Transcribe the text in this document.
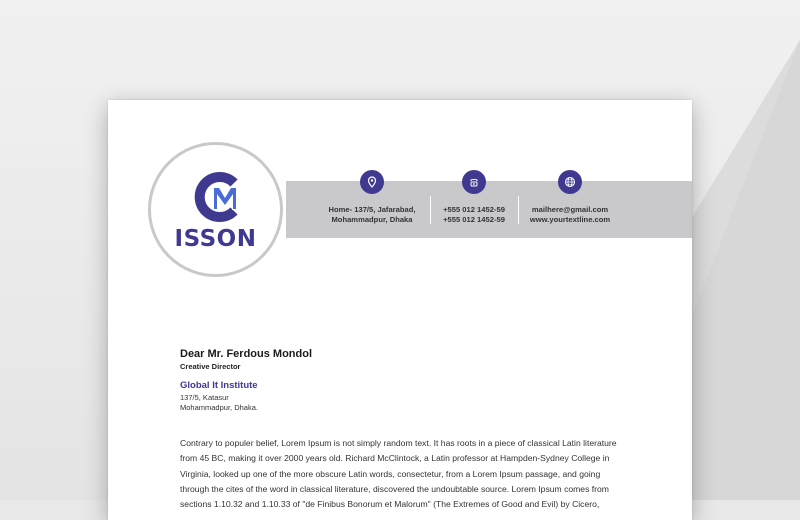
ISSON
Home- 137/5, Jafarabad,
Mohammadpur, Dhaka
+555 012 1452-59
+555 012 1452-59
mailhere@gmail.com
www.yourtextline.com
Dear Mr. Ferdous Mondol
Creative Director
Global It Institute
137/5, Katasur
Mohammadpur, Dhaka.
Contrary to populer belief, Lorem Ipsum is not simply random text. It has roots in a piece of classical Latin literature
from 45 BC, making it over 2000 years old. Richard McClintock, a Latin professor at Hampden-Sydney College in
Virginia, looked up one of the more obscure Latin words, consectetur, from a Lorem Ipsum passage, and going
through the cites of the word in classical literature, discovered the undoubtable source. Lorem Ipsum comes from
sections 1.10.32 and 1.10.33 of "de Finibus Bonorum et Malorum" (The Extremes of Good and Evil) by Cicero,
